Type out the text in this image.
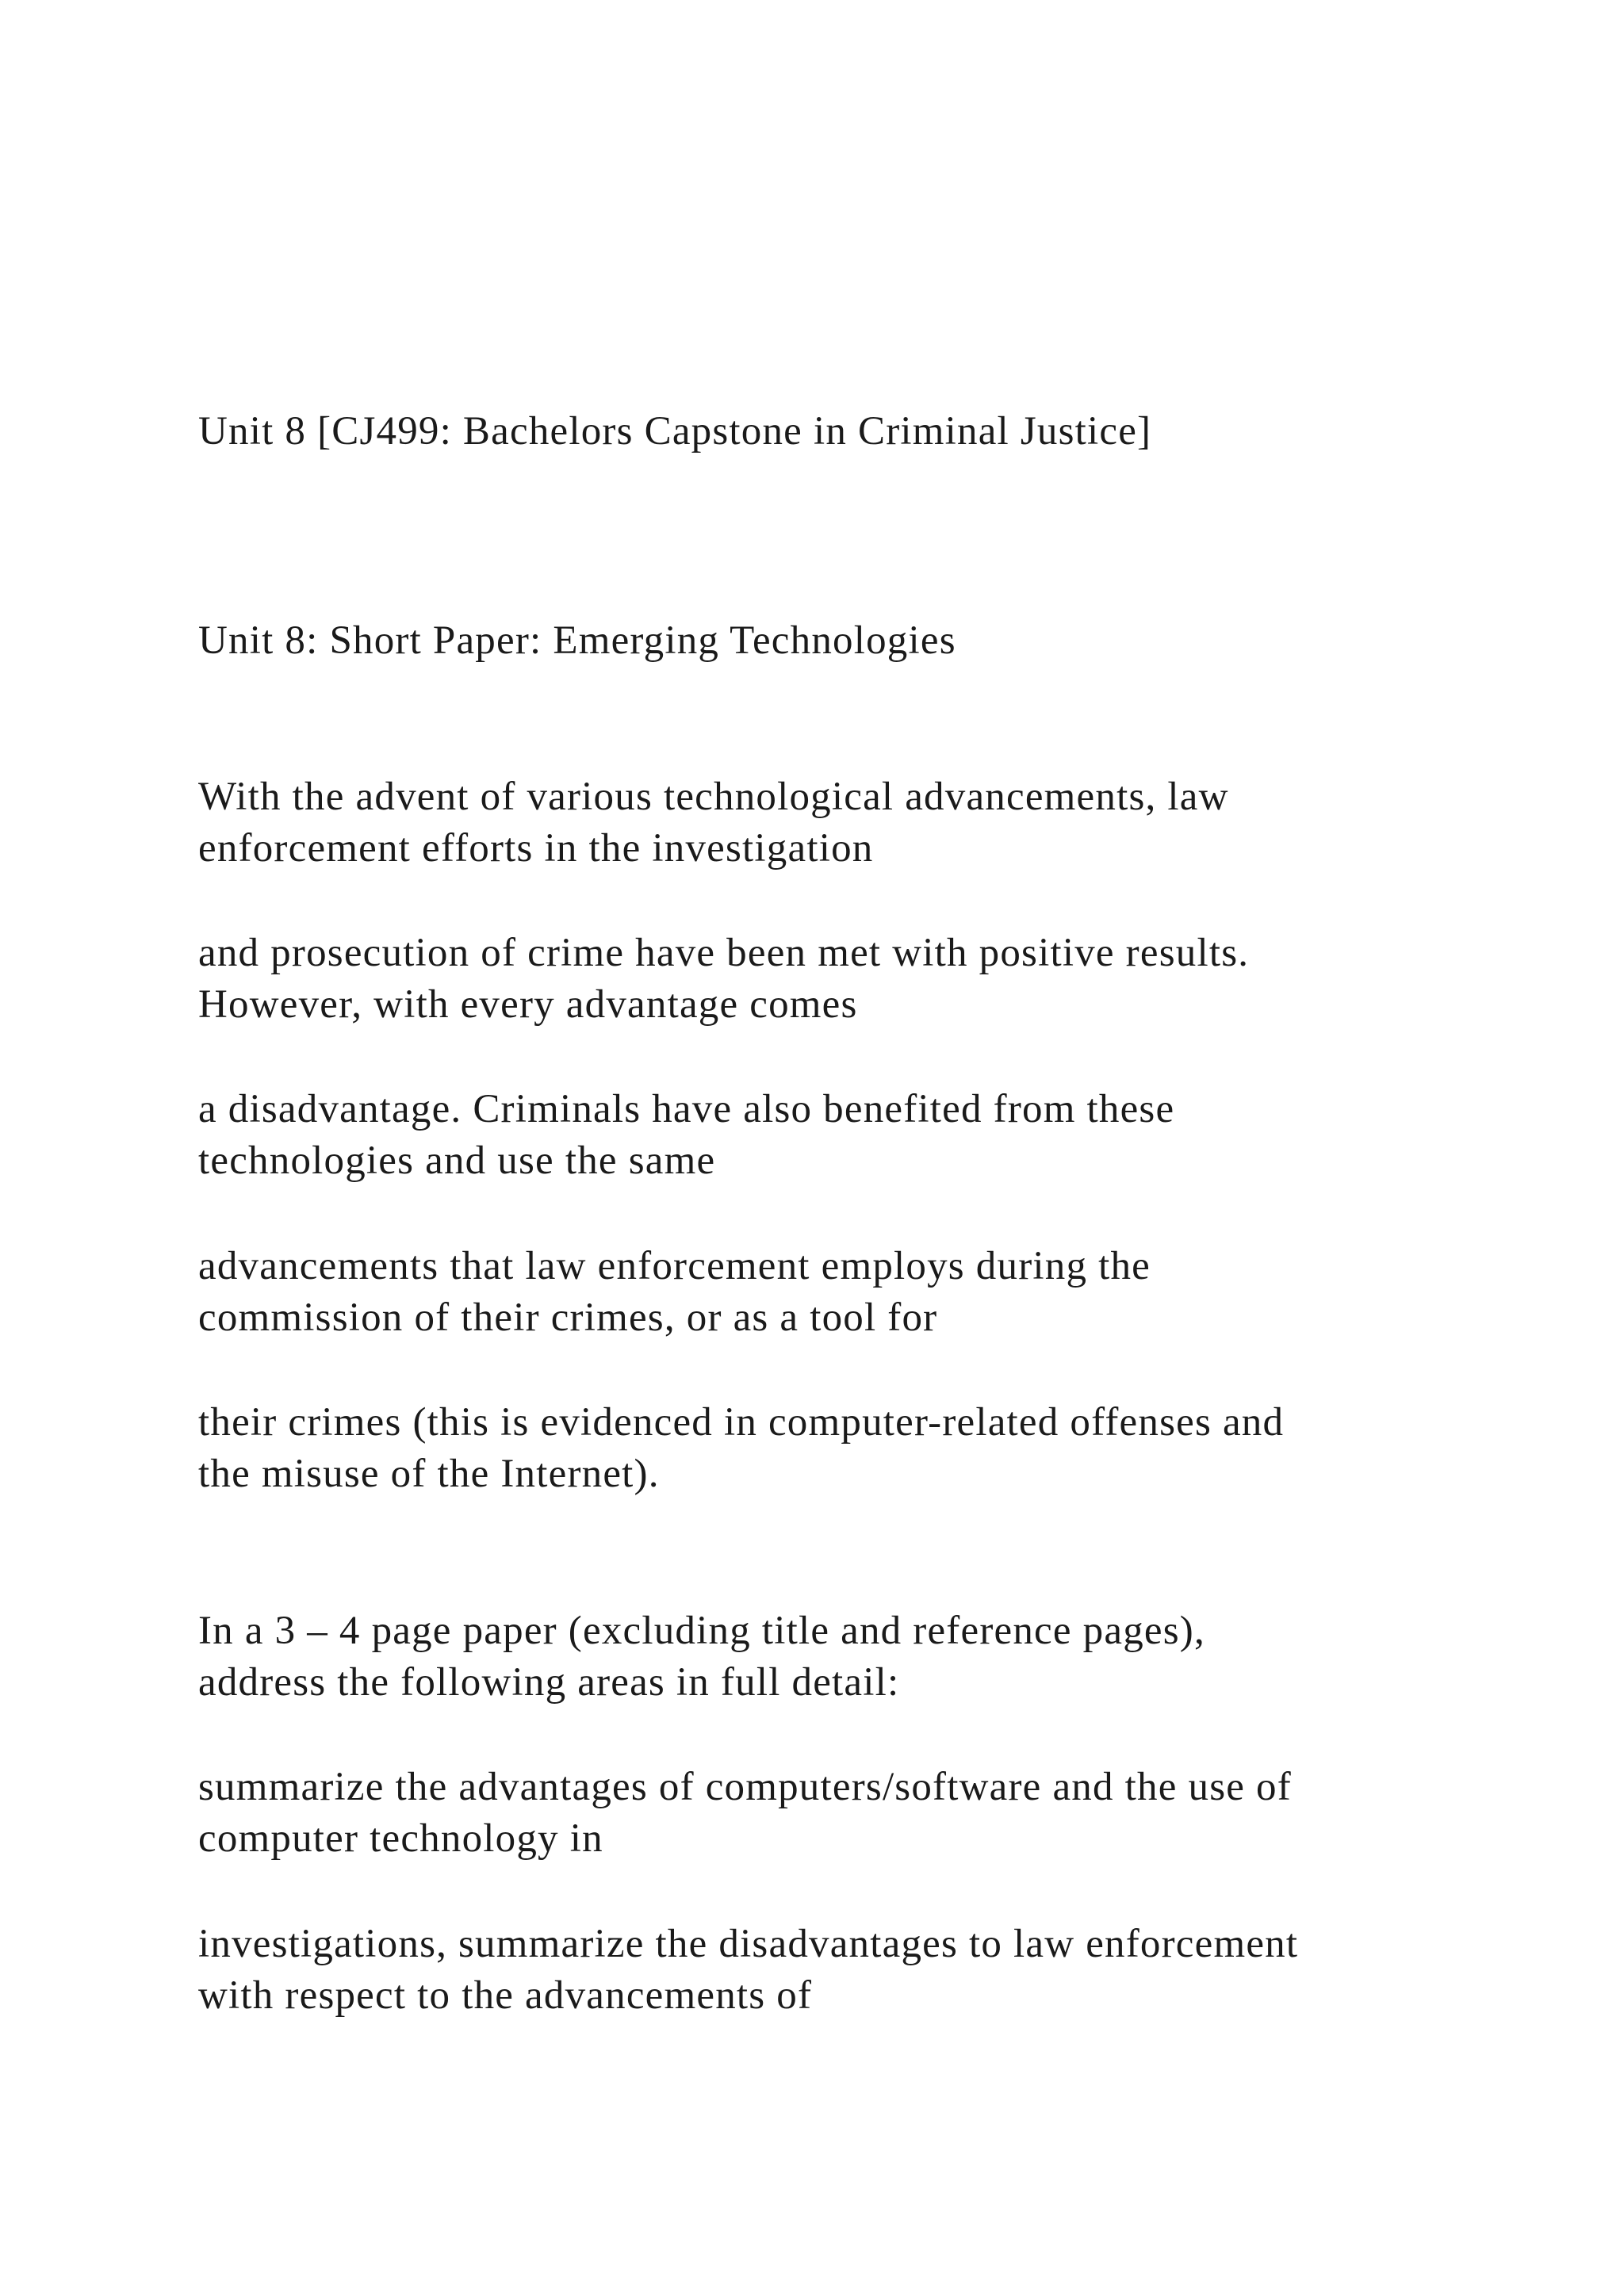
Unit 8 [CJ499: Bachelors Capstone in Criminal Justice]
Unit 8: Short Paper: Emerging Technologies
With the advent of various technological advancements, law
enforcement efforts in the investigation
and prosecution of crime have been met with positive results.
However, with every advantage comes
a disadvantage. Criminals have also benefited from these
technologies and use the same
advancements that law enforcement employs during the
commission of their crimes, or as a tool for
their crimes (this is evidenced in computer-related offenses and
the misuse of the Internet).
In a 3 – 4 page paper (excluding title and reference pages),
address the following areas in full detail:
summarize the advantages of computers/software and the use of
computer technology in
investigations, summarize the disadvantages to law enforcement
with respect to the advancements of
